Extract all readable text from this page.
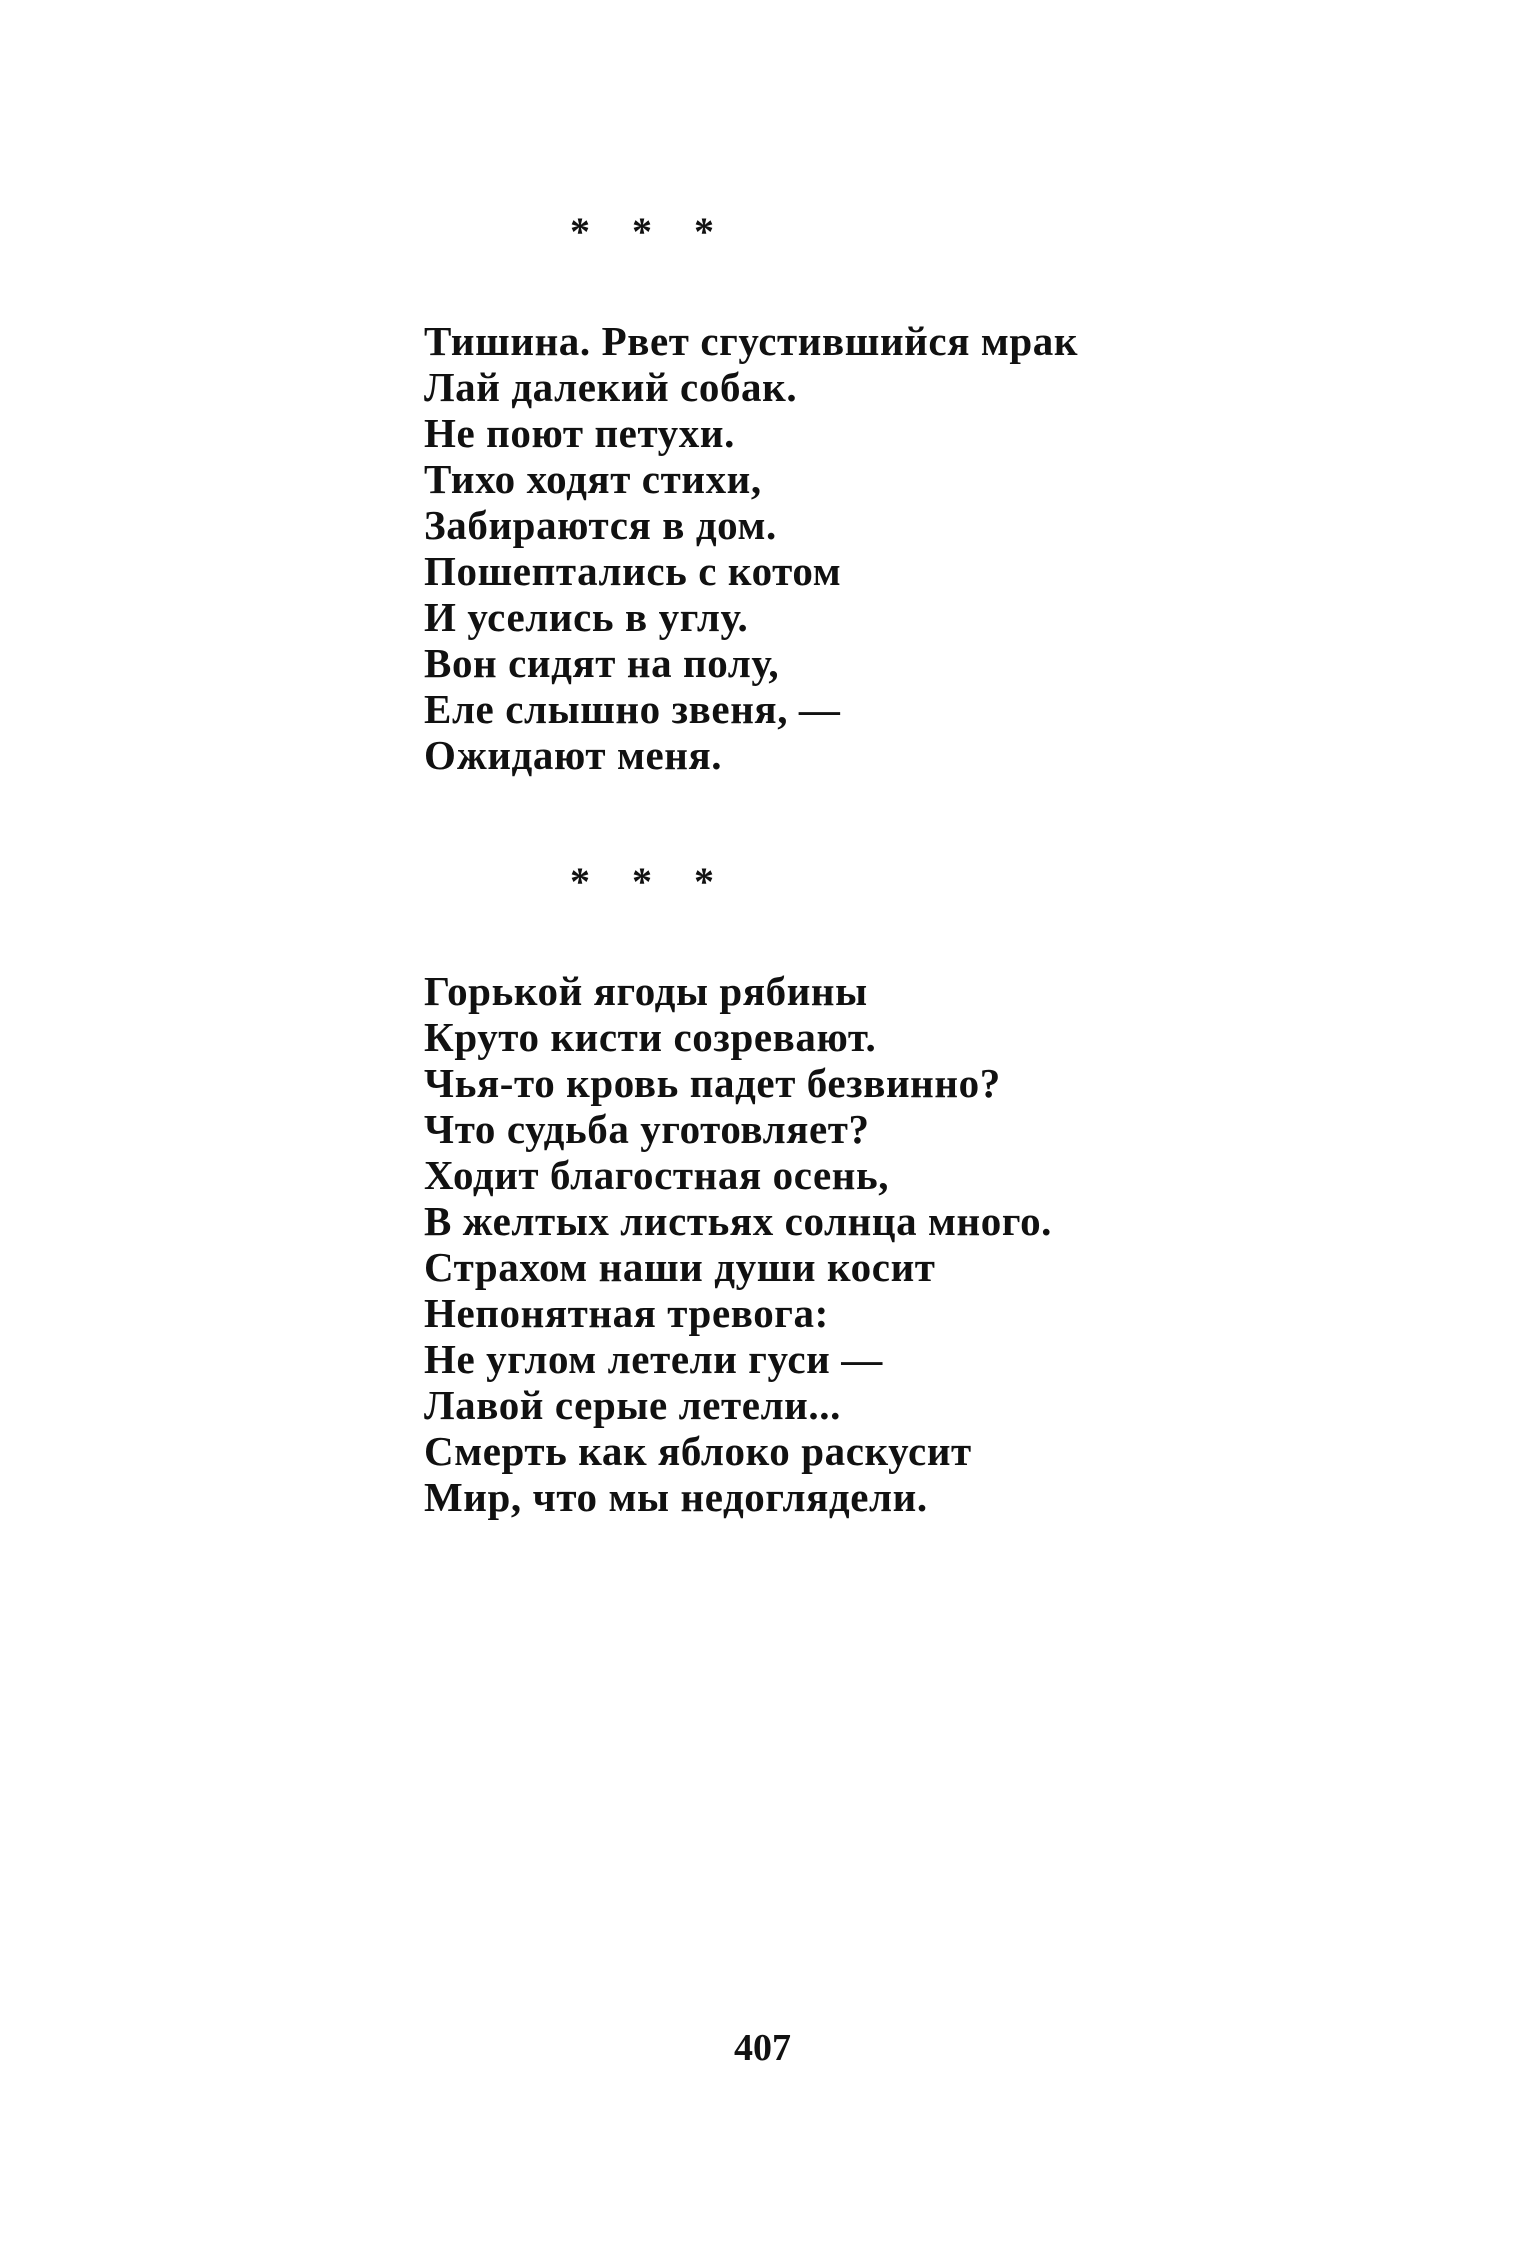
* * *
Тишина. Рвет сгустившийся мрак
Лай далекий собак.
Не поют петухи.
Тихо ходят стихи,
Забираются в дом.
Пошептались с котом
И уселись в углу.
Вон сидят на полу,
Еле слышно звеня, —
Ожидают меня.
* * *
Горькой ягоды рябины
Круто кисти созревают.
Чья-то кровь падет безвинно?
Что судьба уготовляет?
Ходит благостная осень,
В желтых листьях солнца много.
Страхом наши души косит
Непонятная тревога:
Не углом летели гуси —
Лавой серые летели...
Смерть как яблоко раскусит
Мир, что мы недоглядели.
407
